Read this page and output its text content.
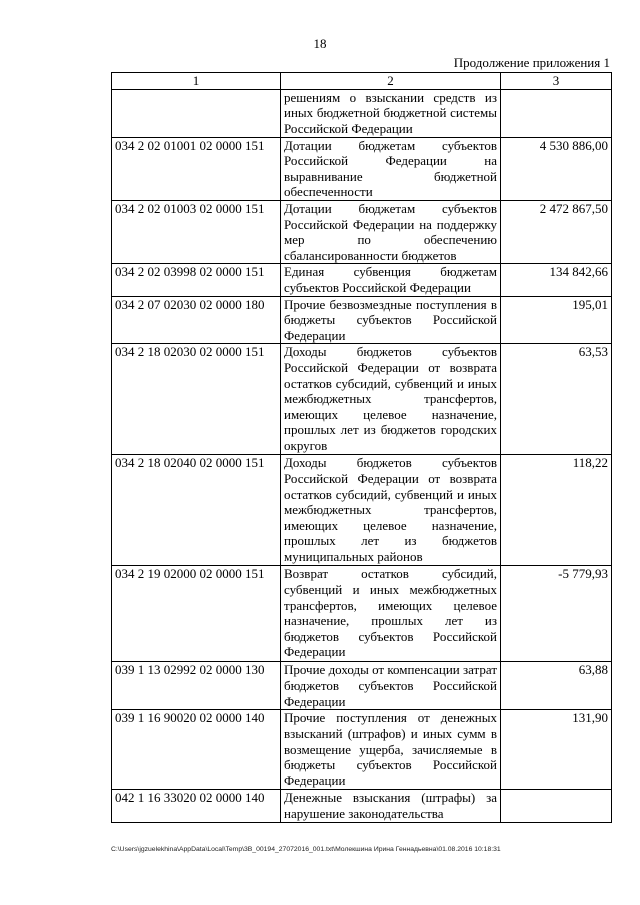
18
Продолжение приложения 1
1	2	3
	решениям о взыскании средств из иных бюджетной бюджетной системы Российской Федерации	
034 2 02 01001 02 0000 151	Дотации бюджетам субъектов Российской Федерации на выравнивание бюджетной обеспеченности	4 530 886,00
034 2 02 01003 02 0000 151	Дотации бюджетам субъектов Российской Федерации на поддержку мер по обеспечению сбалансированности бюджетов	2 472 867,50
034 2 02 03998 02 0000 151	Единая субвенция бюджетам субъектов Российской Федерации	134 842,66
034 2 07 02030 02 0000 180	Прочие безвозмездные поступления в бюджеты субъектов Российской Федерации	195,01
034 2 18 02030 02 0000 151	Доходы бюджетов субъектов Российской Федерации от возврата остатков субсидий, субвенций и иных межбюджетных трансфертов, имеющих целевое назначение, прошлых лет из бюджетов городских округов	63,53
034 2 18 02040 02 0000 151	Доходы бюджетов субъектов Российской Федерации от возврата остатков субсидий, субвенций и иных межбюджетных трансфертов, имеющих целевое назначение, прошлых лет из бюджетов муниципальных районов	118,22
034 2 19 02000 02 0000 151	Возврат остатков субсидий, субвенций и иных межбюджетных трансфертов, имеющих целевое назначение, прошлых лет из бюджетов субъектов Российской Федерации	-5 779,93
039 1 13 02992 02 0000 130	Прочие доходы от компенсации затрат бюджетов субъектов Российской Федерации	63,88
039 1 16 90020 02 0000 140	Прочие поступления от денежных взысканий (штрафов) и иных сумм в возмещение ущерба, зачисляемые в бюджеты субъектов Российской Федерации	131,90
042 1 16 33020 02 0000 140	Денежные взыскания (штрафы) за нарушение законодательства	
C:\Users\jgzuelekhina\AppData\Local\Temp\3B_00194_27072016_001.txt\Молекшина Ирина Геннадьевна\01.08.2016 10:18:31
